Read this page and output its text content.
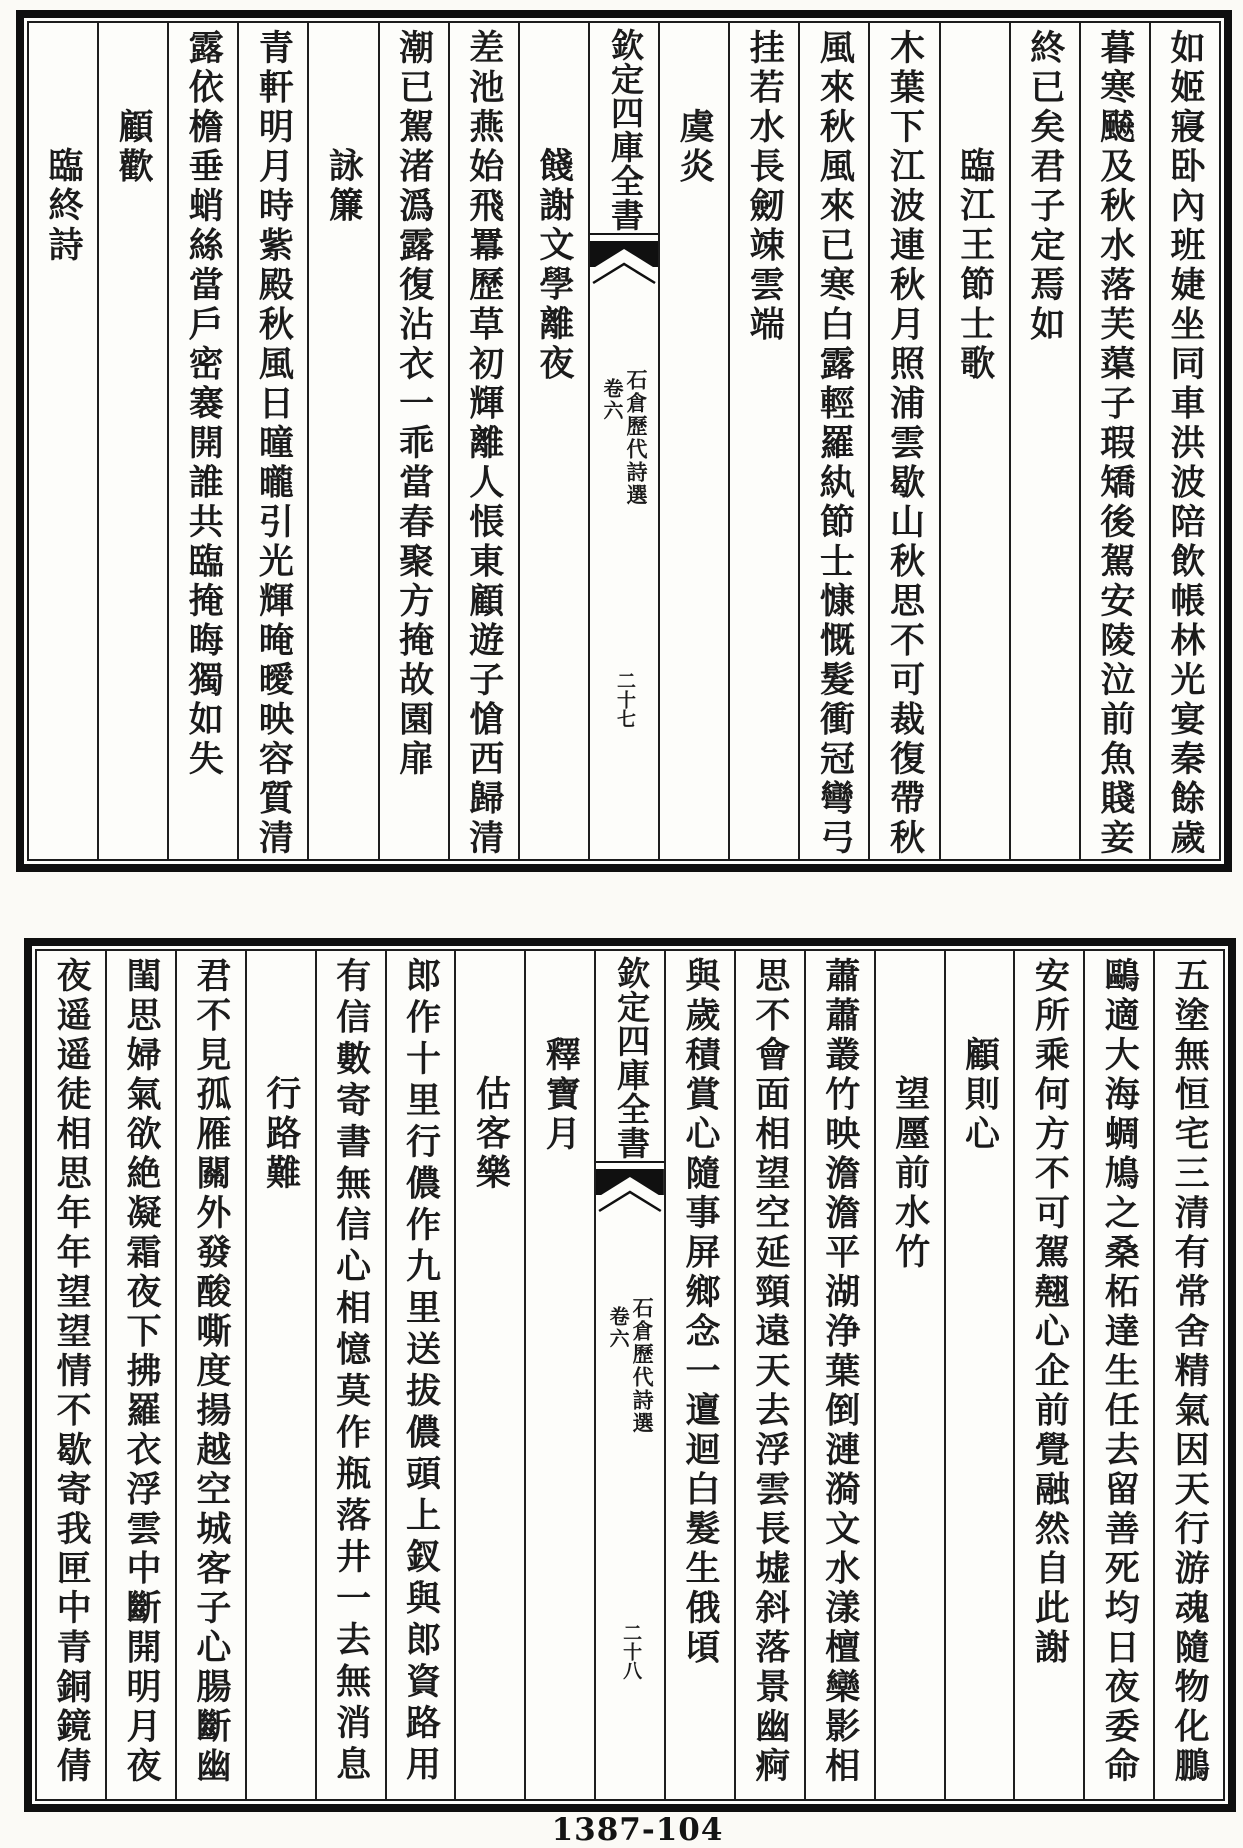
如姬寢卧內班婕坐同車洪波陪飲帳林光宴秦餘歲
暮寒飇及秋水落芙蕖子瑕矯後駕安陵泣前魚賤妾
終已矣君子定焉如
臨江王節士歌
木葉下江波連秋月照浦雲歇山秋思不可裁復帶秋
風來秋風來已寒白露輕羅紈節士慷慨髮衝冠彎弓
挂若水長劒竦雲端
虞炎
欽定四庫全書
石倉歷代詩選
卷六
二十七
餞謝文學離夜
差池燕始飛羃歷草初輝離人悵東顧遊子愴西歸清
潮已駕渚潙露復沾衣一乖當春聚方掩故園扉
詠簾
青軒明月時紫殿秋風日曈曨引光輝晻曖映容質清
露依檐垂蛸絲當戶密褰開誰共臨掩晦獨如失
顧歡
臨終詩
五塗無恒宅三清有常舍精氣因天行游魂隨物化鵬
鷗適大海蜩鳩之桑柘達生任去留善死均日夜委命
安所乘何方不可駕翹心企前覺融然自此謝
顧則心
望㕓前水竹
蕭蕭叢竹映澹澹平湖浄葉倒漣漪文水漾檀欒影相
思不會面相望空延頸遠天去浮雲長墟斜落景幽痾
與歲積賞心隨事屏鄉念一邅迴白髮生俄頃
欽定四庫全書
石倉歷代詩選
卷六
二十八
釋寶月
估客樂
郎作十里行儂作九里送拔儂頭上釵與郎資路用
有信數寄書無信心相憶莫作瓶落井一去無消息
行路難
君不見孤雁關外發酸嘶度揚越空城客子心腸斷幽
閨思婦氣欲絶凝霜夜下拂羅衣浮雲中斷開明月夜
夜遥遥徒相思年年望望情不歇寄我匣中青銅鏡倩
1387-104
